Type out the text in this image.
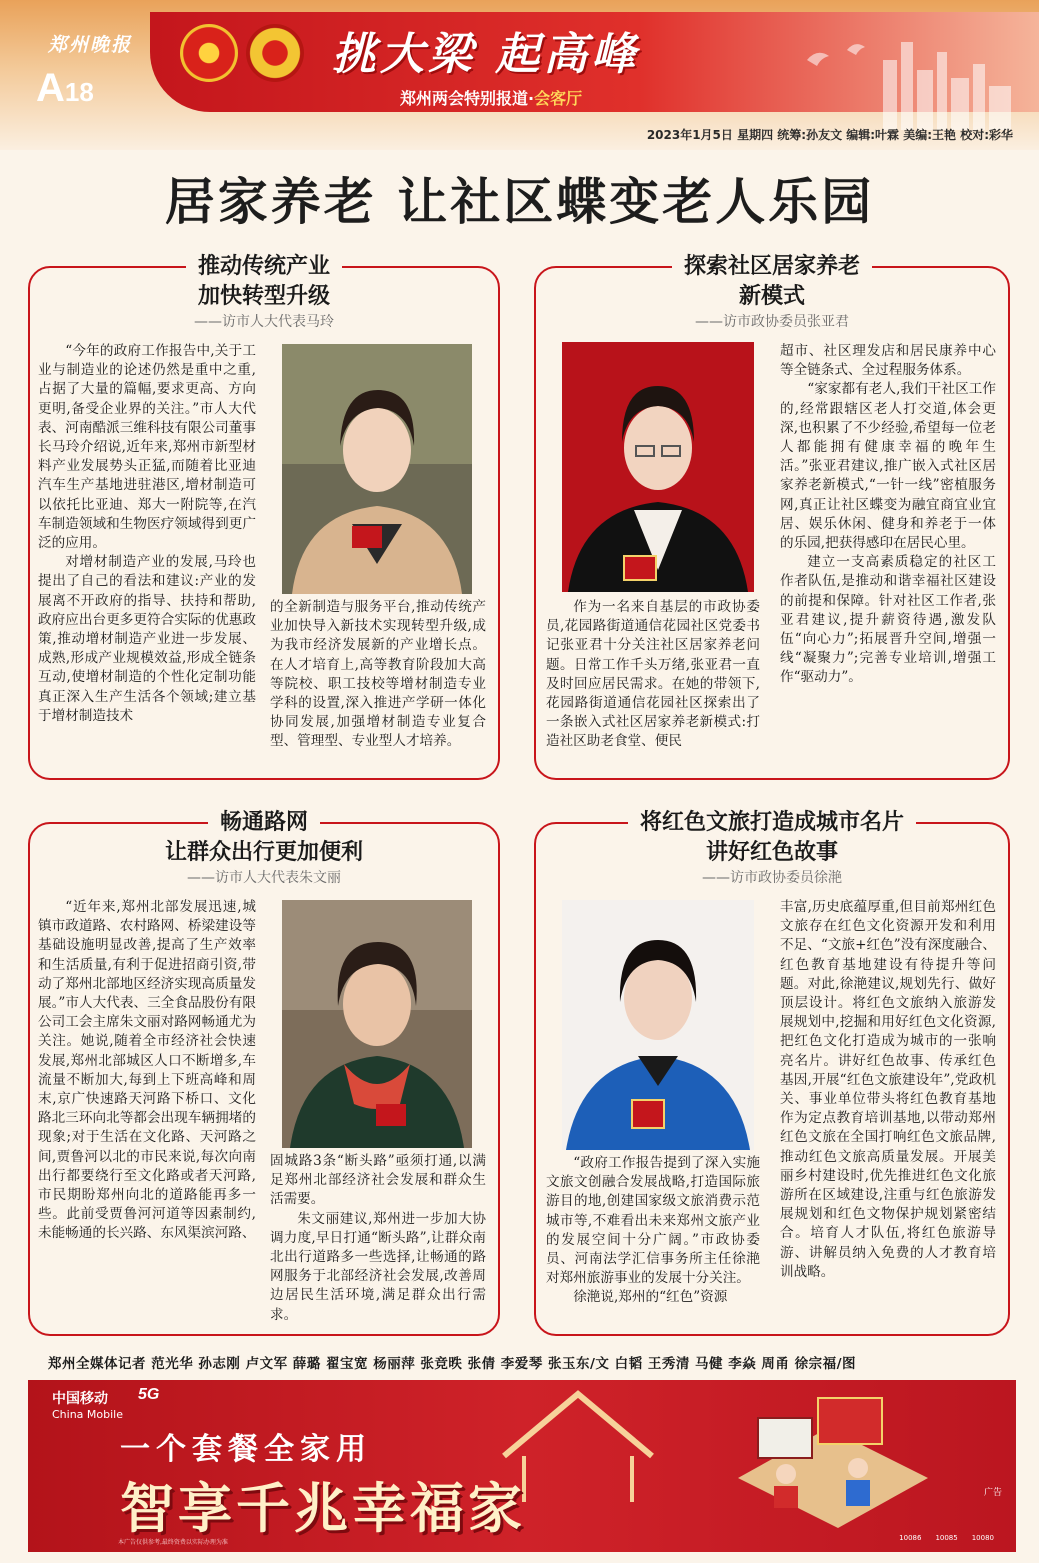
郑州晚报
A18
挑大梁 起高峰
郑州两会特别报道·会客厅
2023年1月5日 星期四 统筹:孙友文 编辑:叶霖 美编:王艳 校对:彩华
居家养老 让社区蝶变老人乐园
推动传统产业
加快转型升级
——访市人大代表马玲

“今年的政府工作报告中,关于工业与制造业的论述仍然是重中之重,占据了大量的篇幅,要求更高、方向更明,备受企业界的关注。”市人大代表、河南酷派三维科技有限公司董事长马玲介绍说,近年来,郑州市新型材料产业发展势头正猛,而随着比亚迪汽车生产基地进驻港区,增材制造可以依托比亚迪、郑大一附院等,在汽车制造领域和生物医疗领域得到更广泛的应用。

对增材制造产业的发展,马玲也提出了自己的看法和建议:产业的发展离不开政府的指导、扶持和帮助,政府应出台更多更符合实际的优惠政策,推动增材制造产业进一步发展、成熟,形成产业规模效益,形成全链条互动,使增材制造的个性化定制功能真正深入生产生活各个领域;建立基于增材制造技术

的全新制造与服务平台,推动传统产业加快导入新技术实现转型升级,成为我市经济发展新的产业增长点。在人才培育上,高等教育阶段加大高等院校、职工技校等增材制造专业学科的设置,深入推进产学研一体化协同发展,加强增材制造专业复合型、管理型、专业型人才培养。

探索社区居家养老
新模式
——访市政协委员张亚君

作为一名来自基层的市政协委员,花园路街道通信花园社区党委书记张亚君十分关注社区居家养老问题。日常工作千头万绪,张亚君一直及时回应居民需求。在她的带领下,花园路街道通信花园社区探索出了一条嵌入式社区居家养老新模式:打造社区助老食堂、便民

超市、社区理发店和居民康养中心等全链条式、全过程服务体系。

“家家都有老人,我们干社区工作的,经常跟辖区老人打交道,体会更深,也积累了不少经验,希望每一位老人都能拥有健康幸福的晚年生活。”张亚君建议,推广嵌入式社区居家养老新模式,“一针一线”密植服务网,真正让社区蝶变为融宜商宜业宜居、娱乐休闲、健身和养老于一体的乐园,把获得感印在居民心里。

建立一支高素质稳定的社区工作者队伍,是推动和谐幸福社区建设的前提和保障。针对社区工作者,张亚君建议,提升薪资待遇,激发队伍“向心力”;拓展晋升空间,增强一线“凝聚力”;完善专业培训,增强工作“驱动力”。

畅通路网
让群众出行更加便利
——访市人大代表朱文丽

“近年来,郑州北部发展迅速,城镇市政道路、农村路网、桥梁建设等基础设施明显改善,提高了生产效率和生活质量,有利于促进招商引资,带动了郑州北部地区经济实现高质量发展。”市人大代表、三全食品股份有限公司工会主席朱文丽对路网畅通尤为关注。她说,随着全市经济社会快速发展,郑州北部城区人口不断增多,车流量不断加大,每到上下班高峰和周末,京广快速路天河路下桥口、文化路北三环向北等都会出现车辆拥堵的现象;对于生活在文化路、天河路之间,贾鲁河以北的市民来说,每次向南出行都要绕行至文化路或者天河路,市民期盼郑州向北的道路能再多一些。此前受贾鲁河河道等因素制约,未能畅通的长兴路、东风渠滨河路、

固城路3条“断头路”亟须打通,以满足郑州北部经济社会发展和群众生活需要。

朱文丽建议,郑州进一步加大协调力度,早日打通“断头路”,让群众南北出行道路多一些选择,让畅通的路网服务于北部经济社会发展,改善周边居民生活环境,满足群众出行需求。

将红色文旅打造成城市名片
讲好红色故事
——访市政协委员徐滟

“政府工作报告提到了深入实施文旅文创融合发展战略,打造国际旅游目的地,创建国家级文旅消费示范城市等,不难看出未来郑州文旅产业的发展空间十分广阔。”市政协委员、河南法学汇信事务所主任徐滟对郑州旅游事业的发展十分关注。

徐滟说,郑州的“红色”资源

丰富,历史底蕴厚重,但目前郑州红色文旅存在红色文化资源开发和利用不足、“文旅+红色”没有深度融合、红色教育基地建设有待提升等问题。对此,徐滟建议,规划先行、做好顶层设计。将红色文旅纳入旅游发展规划中,挖掘和用好红色文化资源,把红色文化打造成为城市的一张响亮名片。讲好红色故事、传承红色基因,开展“红色文旅建设年”,党政机关、事业单位带头将红色教育基地作为定点教育培训基地,以带动郑州红色文旅在全国打响红色文旅品牌,推动红色文旅高质量发展。开展美丽乡村建设时,优先推进红色文化旅游所在区域建设,注重与红色旅游发展规划和红色文物保护规划紧密结合。培育人才队伍,将红色旅游导游、讲解员纳入免费的人才教育培训战略。

郑州全媒体记者 范光华 孙志刚 卢文军 薛璐 翟宝宽 杨丽萍 张竞昳 张倩 李爱琴 张玉东/文 白韬 王秀清 马健 李焱 周甬 徐宗福/图
中国移动
China Mobile
5G
一个套餐全家用
智享千兆幸福家	广告
本广告仅供参考,最终资费以实际办理为准
10086 10085 10080
